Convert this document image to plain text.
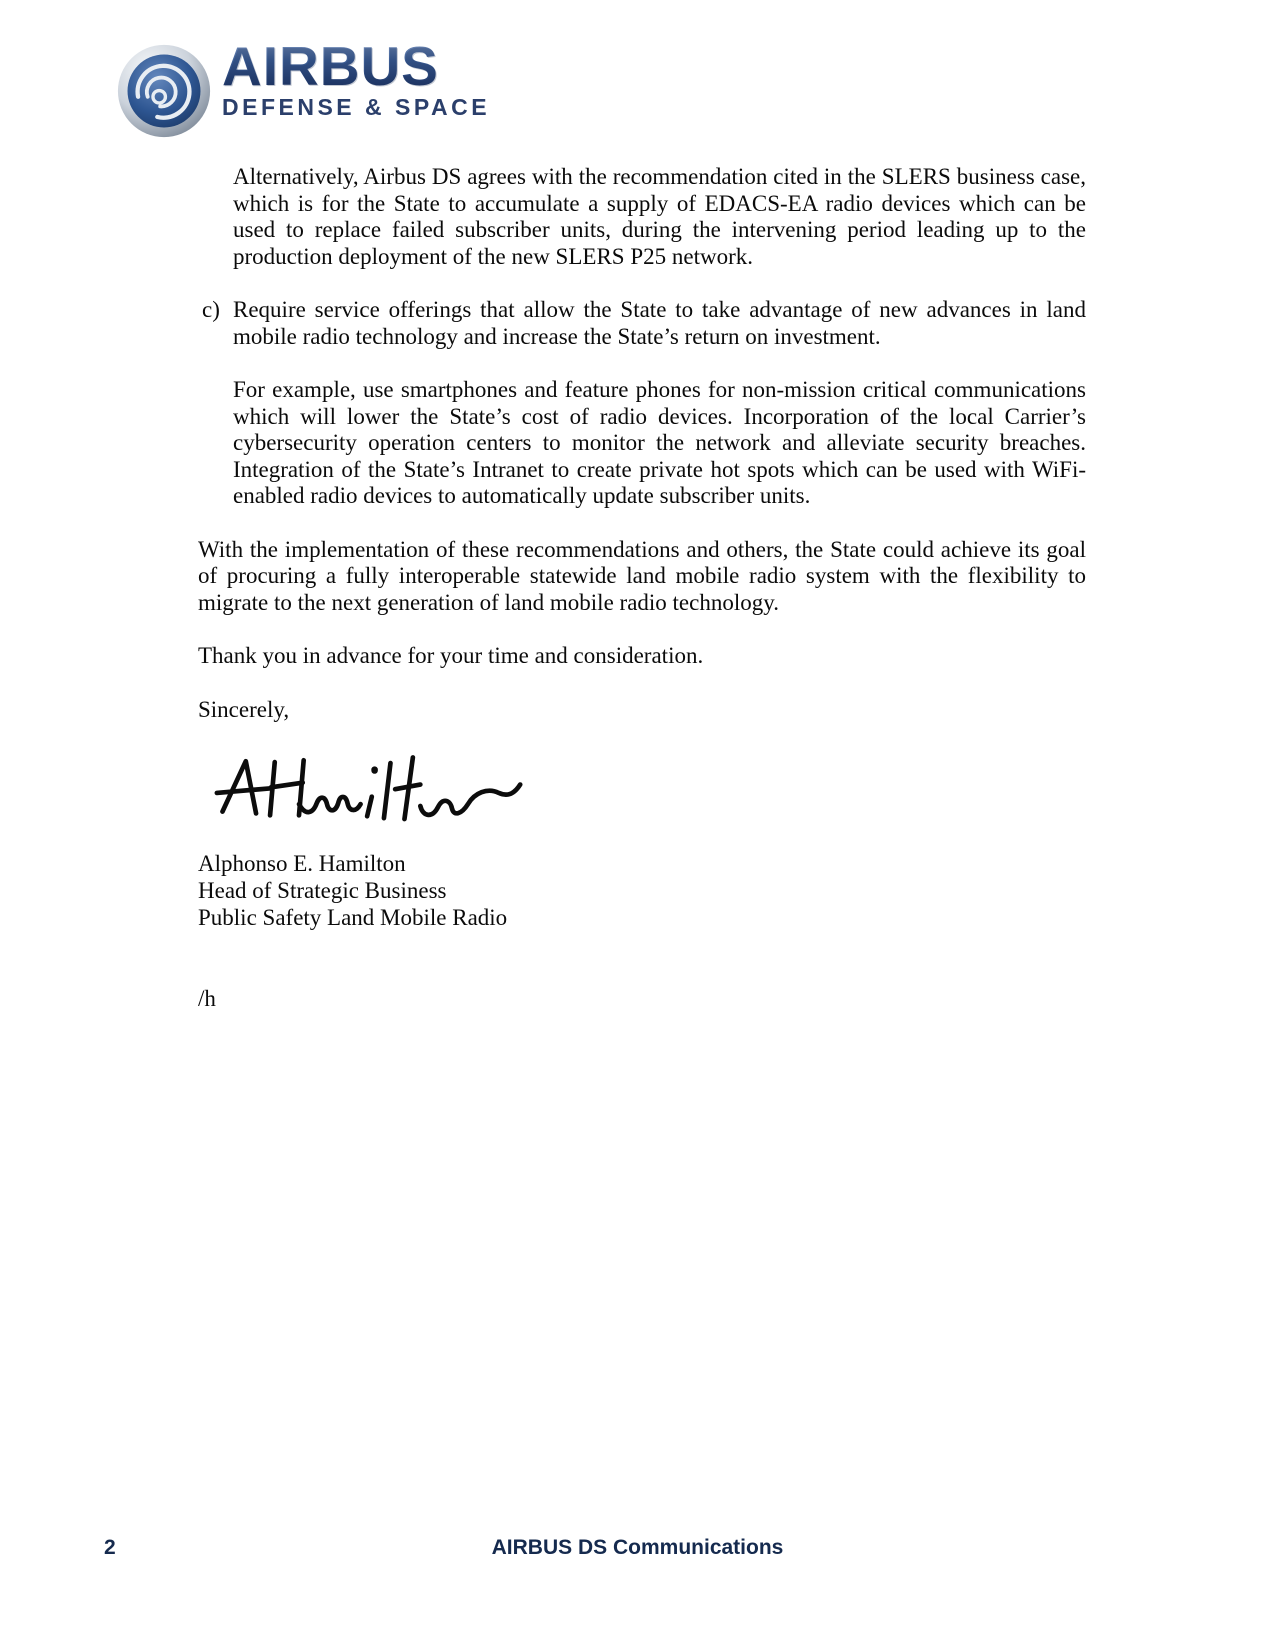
AIRBUS
DEFENSE & SPACE

Alternatively, Airbus DS agrees with the recommendation cited in the SLERS business case, which is for the State to accumulate a supply of EDACS-EA radio devices which can be used to replace failed subscriber units, during the intervening period leading up to the production deployment of the new SLERS P25 network.

c) Require service offerings that allow the State to take advantage of new advances in land mobile radio technology and increase the State’s return on investment.

For example, use smartphones and feature phones for non-mission critical communications which will lower the State’s cost of radio devices. Incorporation of the local Carrier’s cybersecurity operation centers to monitor the network and alleviate security breaches. Integration of the State’s Intranet to create private hot spots which can be used with WiFi-enabled radio devices to automatically update subscriber units.

With the implementation of these recommendations and others, the State could achieve its goal of procuring a fully interoperable statewide land mobile radio system with the flexibility to migrate to the next generation of land mobile radio technology.

Thank you in advance for your time and consideration.

Sincerely,

Alphonso E. Hamilton
Head of Strategic Business
Public Safety Land Mobile Radio

/h

2	AIRBUS DS Communications
